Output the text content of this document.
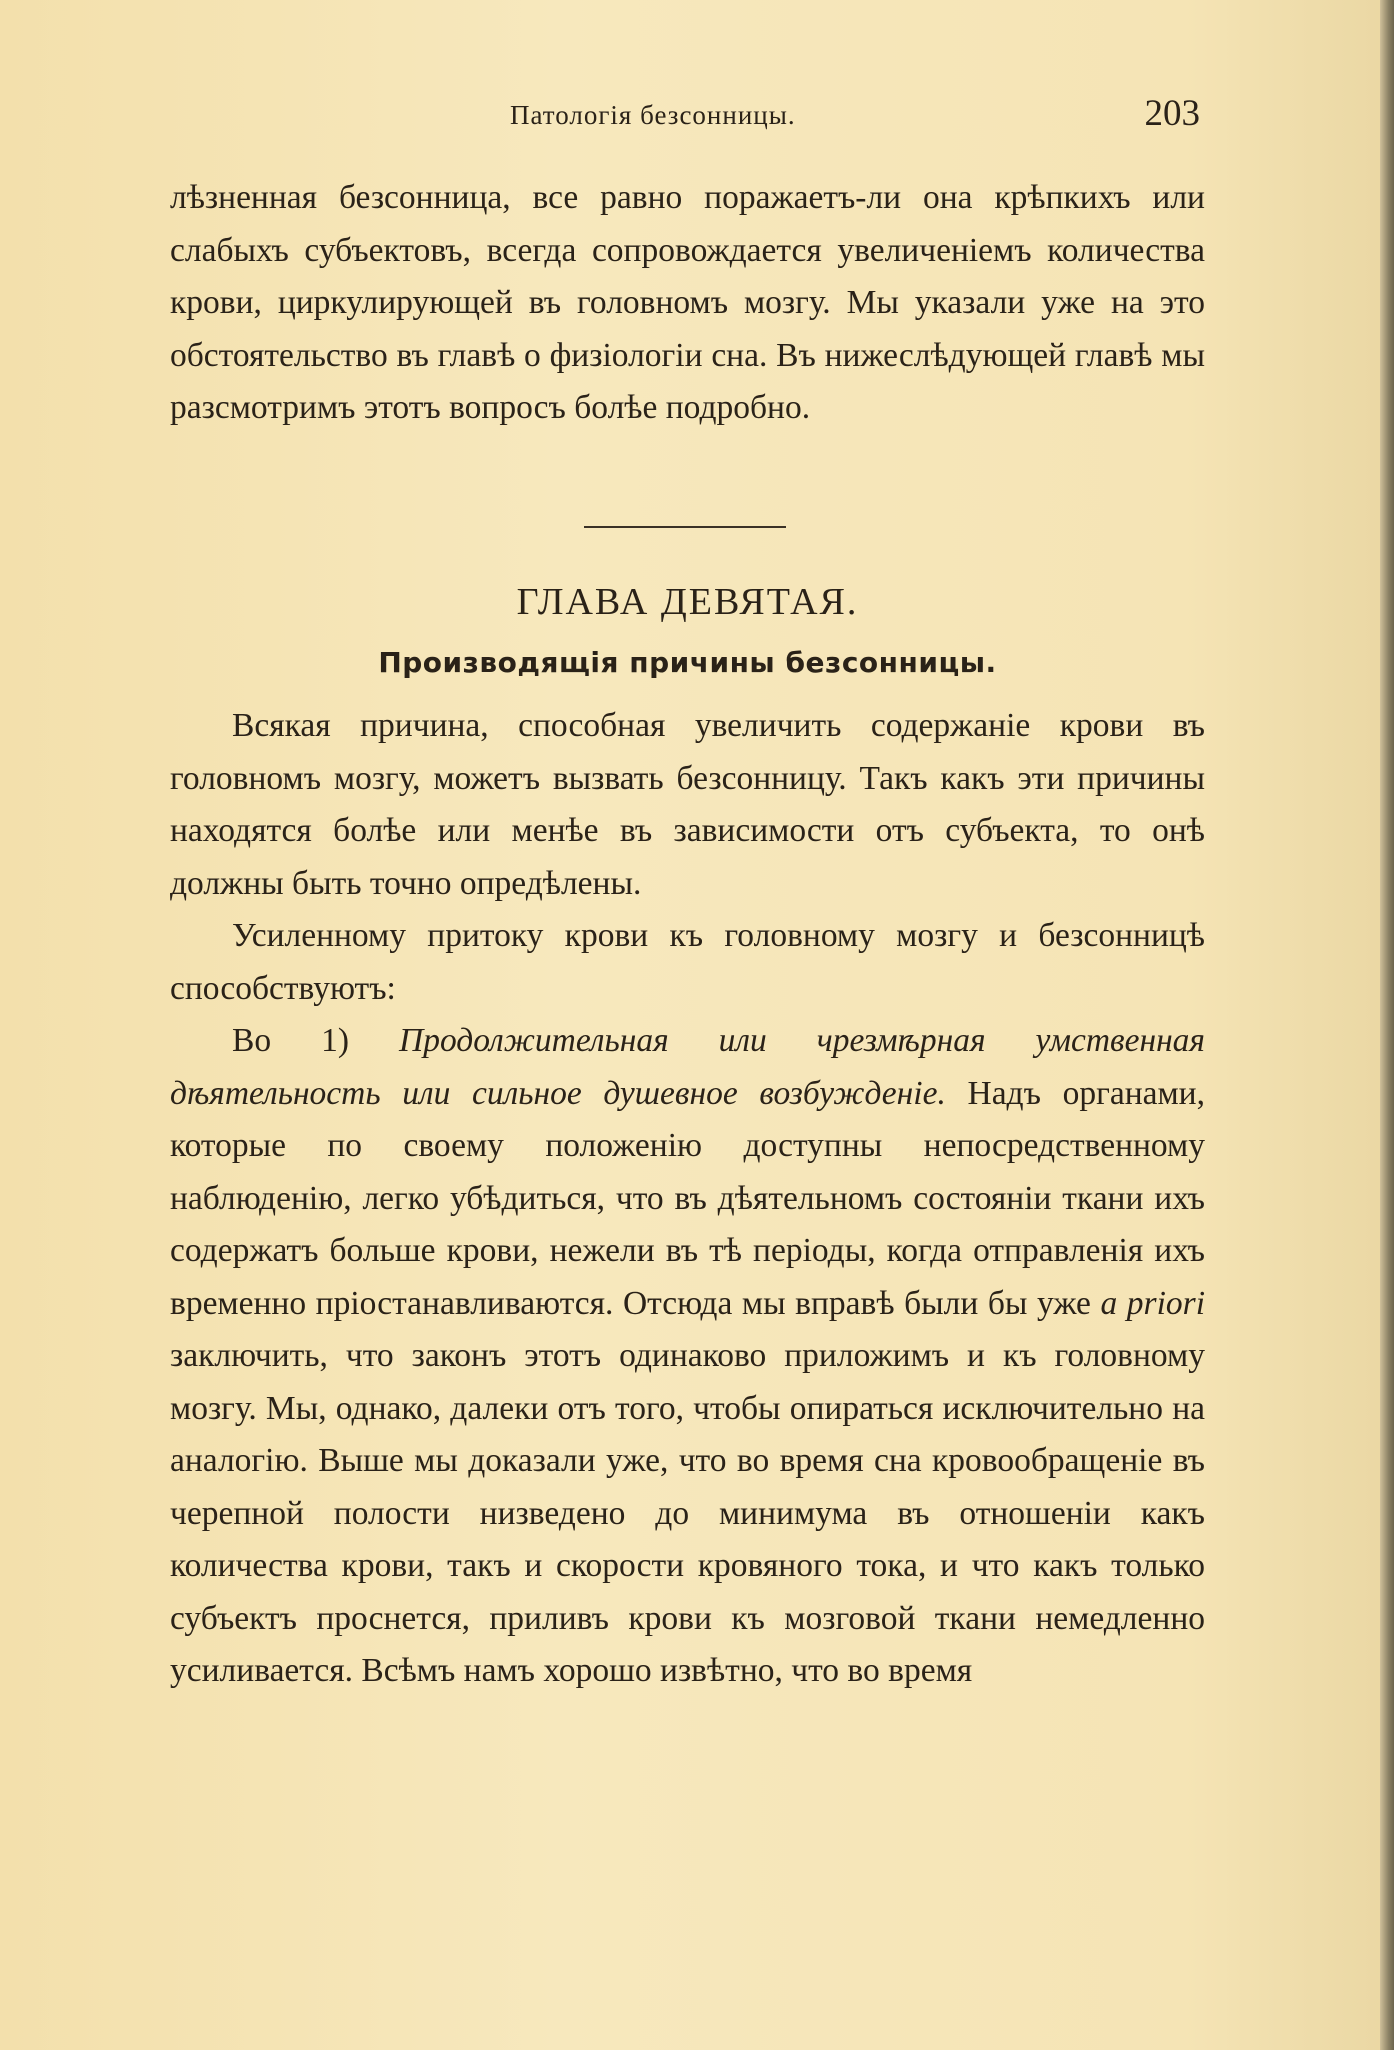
Патологія безсонницы.	203

лѣзненная безсонница, все равно поражаетъ-ли она крѣпкихъ или слабыхъ субъектовъ, всегда сопровождается увеличеніемъ количества крови, циркулирующей въ головномъ мозгу. Мы указали уже на это обстоятельство въ главѣ о физіологіи сна. Въ нижеслѣдующей главѣ мы разсмотримъ этотъ вопросъ болѣе подробно.

ГЛАВА ДЕВЯТАЯ.
Производящія причины безсонницы.

Всякая причина, способная увеличить содержаніе крови въ головномъ мозгу, можетъ вызвать безсонницу. Такъ какъ эти причины находятся болѣе или менѣе въ зависимости отъ субъекта, то онѣ должны быть точно опредѣлены.

Усиленному притоку крови къ головному мозгу и безсонницѣ способствуютъ:

Во 1) Продолжительная или чрезмѣрная умственная дѣятельность или сильное душевное возбужденіе. Надъ органами, которые по своему положенію доступны непосредственному наблюденію, легко убѣдиться, что въ дѣятельномъ состояніи ткани ихъ содержатъ больше крови, нежели въ тѣ періоды, когда отправленія ихъ временно пріостанавливаются. Отсюда мы вправѣ были бы уже a priori заключить, что законъ этотъ одинаково приложимъ и къ головному мозгу. Мы, однако, далеки отъ того, чтобы опираться исключительно на аналогію. Выше мы доказали уже, что во время сна кровообращеніе въ черепной полости низведено до минимума въ отношеніи какъ количества крови, такъ и скорости кровяного тока, и что какъ только субъектъ проснется, приливъ крови къ мозговой ткани немедленно усиливается. Всѣмъ намъ хорошо извѣтно, что во время
